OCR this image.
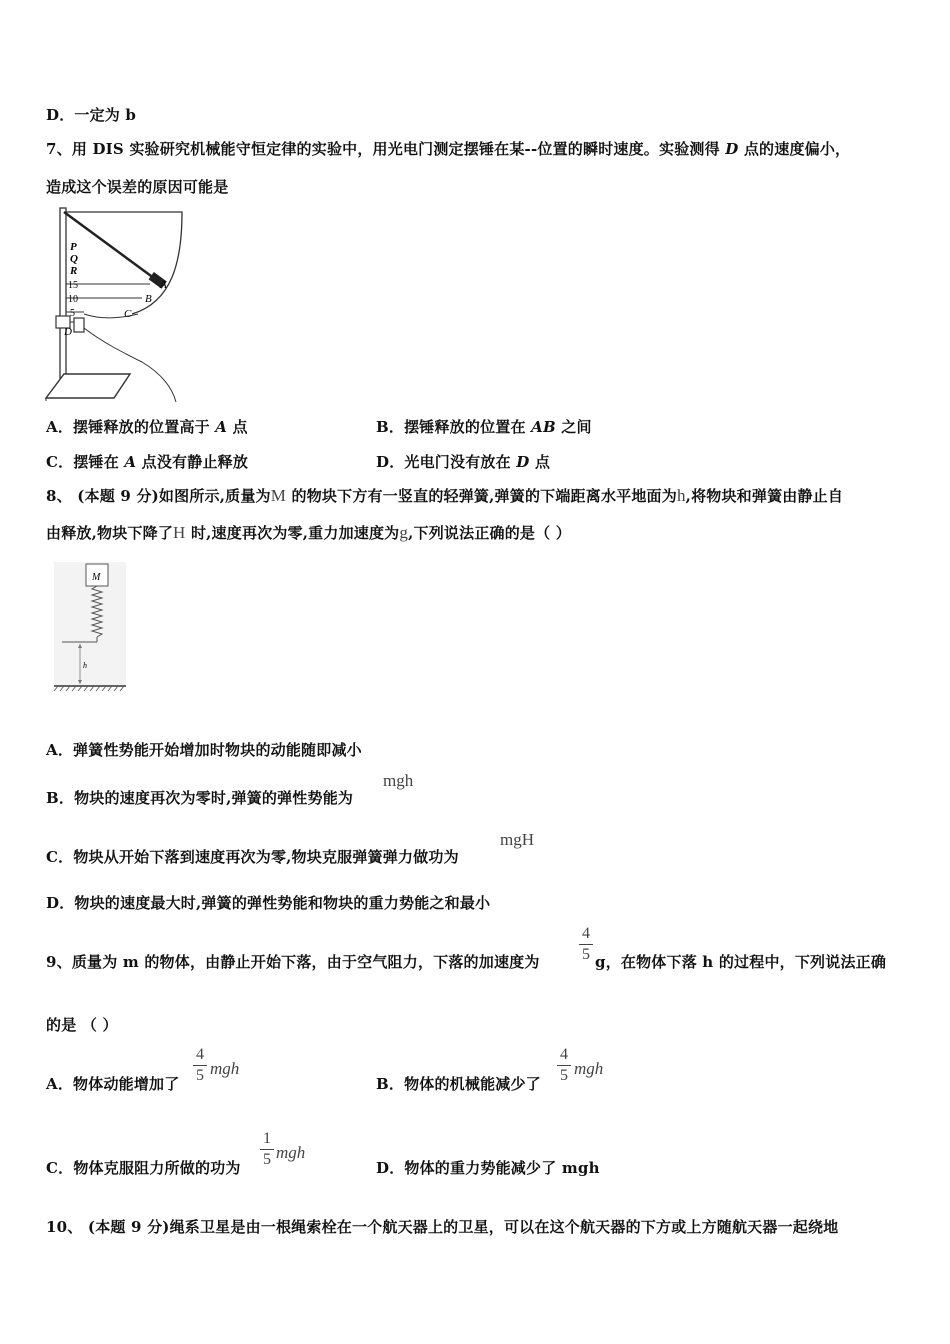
D．一定为 b
7、用 DIS 实验研究机械能守恒定律的实验中，用光电门测定摆锤在某--位置的瞬时速度。实验测得 D 点的速度偏小，
造成这个误差的原因可能是
P
Q
R
15
10
5
A
B
C
D
A．摆锤释放的位置高于 A 点	B．摆锤释放的位置在 AB 之间
C．摆锤在 A 点没有静止释放	D．光电门没有放在 D 点
8、 (本题 9 分)如图所示,质量为M 的物块下方有一竖直的轻弹簧,弹簧的下端距离水平地面为h,将物块和弹簧由静止自
由释放,物块下降了H 时,速度再次为零,重力加速度为g,下列说法正确的是（ ）
M
h
A．弹簧性势能开始增加时物块的动能随即减小
B．物块的速度再次为零时,弹簧的弹性势能为
mgh
C．物块从开始下落到速度再次为零,物块克服弹簧弹力做功为
mgH
D．物块的速度最大时,弹簧的弹性势能和物块的重力势能之和最小
9、质量为 m 的物体，由静止开始下落，由于空气阻力，下落的加速度为
4
5 g，在物体下落 h 的过程中，下列说法正确
的是 （ ）
A．物体动能增加了
4
5 mgh
B．物体的机械能减少了
4
5 mgh
C．物体克服阻力所做的功为
1
5 mgh
D．物体的重力势能减少了 mgh
10、 (本题 9 分)绳系卫星是由一根绳索栓在一个航天器上的卫星，可以在这个航天器的下方或上方随航天器一起绕地
